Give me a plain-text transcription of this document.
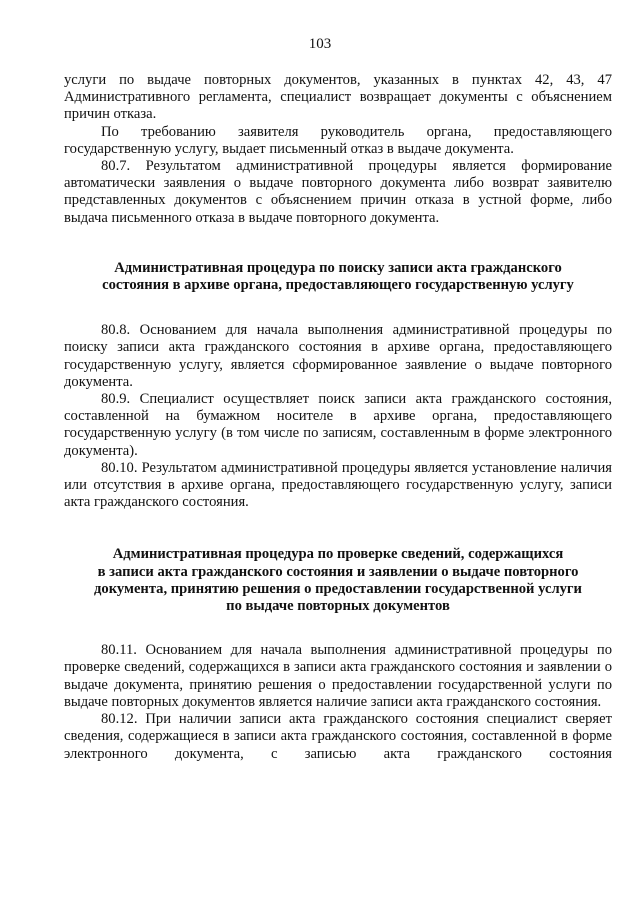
103

услуги по выдаче повторных документов, указанных в пунктах 42, 43, 47 Административного регламента, специалист возвращает документы с объяснением причин отказа.

По требованию заявителя руководитель органа, предоставляющего государственную услугу, выдает письменный отказ в выдаче документа.

80.7. Результатом административной процедуры является формирование автоматически заявления о выдаче повторного документа либо возврат заявителю представленных документов с объяснением причин отказа в устной форме, либо выдача письменного отказа в выдаче повторного документа.

Административная процедура по поиску записи акта гражданского

состояния в архиве органа, предоставляющего государственную услугу

80.8. Основанием для начала выполнения административной процедуры по поиску записи акта гражданского состояния в архиве органа, предоставляющего государственную услугу, является сформированное заявление о выдаче повторного документа.

80.9. Специалист осуществляет поиск записи акта гражданского состояния, составленной на бумажном носителе в архиве органа, предоставляющего государственную услугу (в том числе по записям, составленным в форме электронного документа).

80.10. Результатом административной процедуры является установление наличия или отсутствия в архиве органа, предоставляющего государственную услугу, записи акта гражданского состояния.

Административная процедура по проверке сведений, содержащихся

в записи акта гражданского состояния и заявлении о выдаче повторного

документа, принятию решения о предоставлении государственной услуги

по выдаче повторных документов

80.11. Основанием для начала выполнения административной процедуры по проверке сведений, содержащихся в записи акта гражданского состояния и заявлении о выдаче документа, принятию решения о предоставлении государственной услуги по выдаче повторных документов является наличие записи акта гражданского состояния.

80.12. При наличии записи акта гражданского состояния специалист сверяет сведения, содержащиеся в записи акта гражданского состояния, составленной в форме электронного документа, с записью акта гражданского состояния
